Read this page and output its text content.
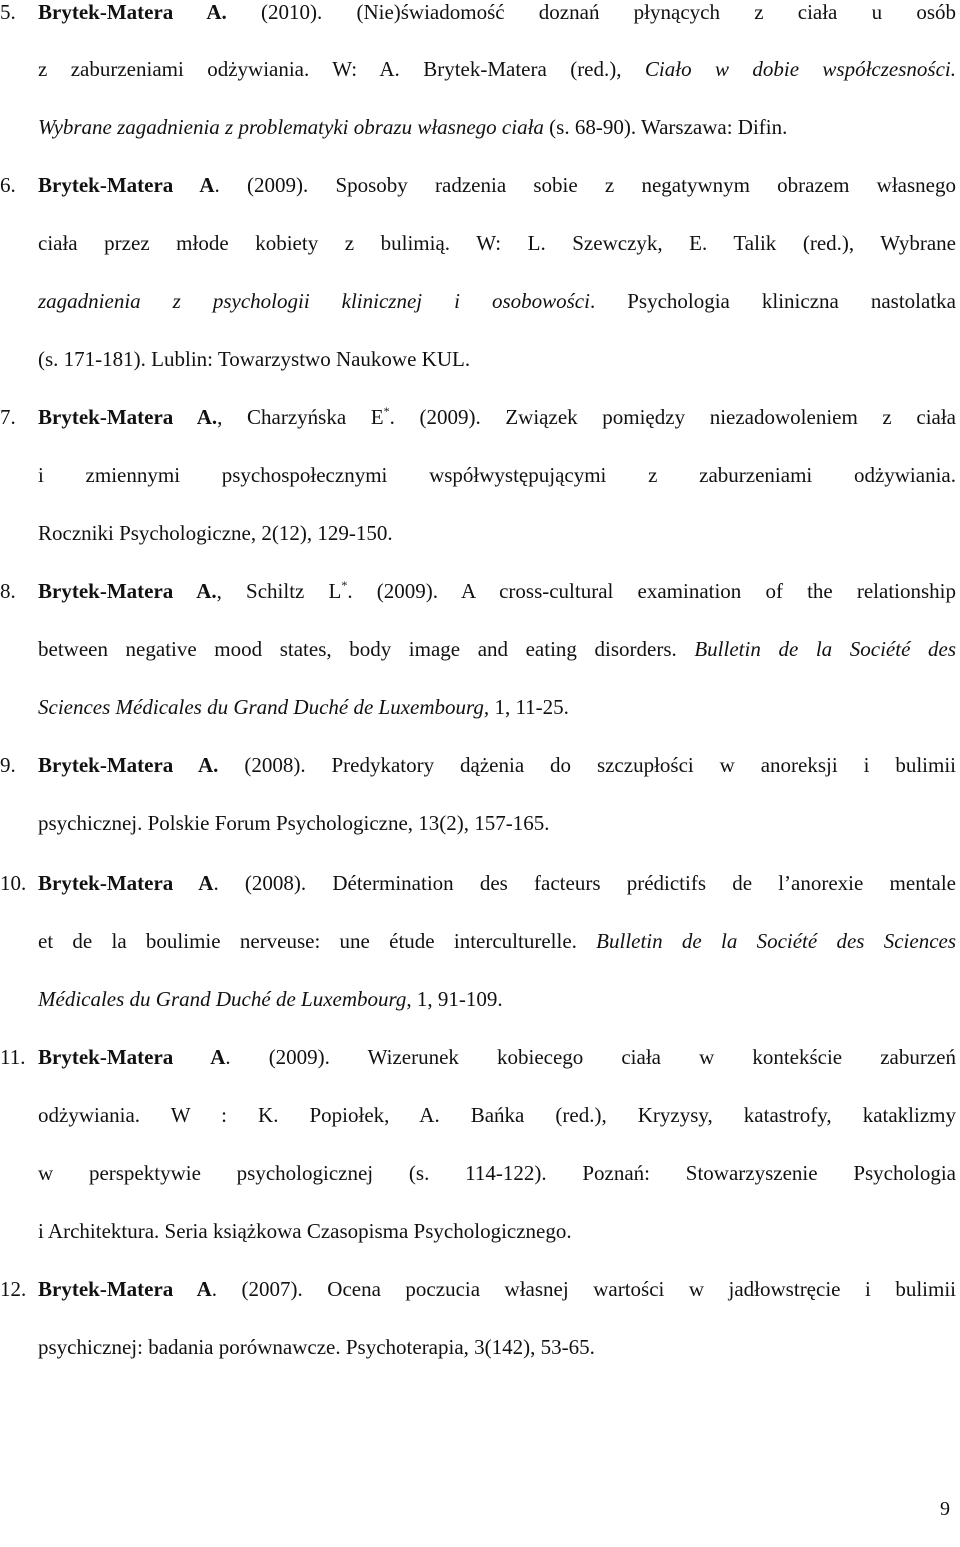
5. Brytek-Matera A. (2010). (Nie)świadomość doznań płynących z ciała u osób
z zaburzeniami odżywiania. W: A. Brytek-Matera (red.), Ciało w dobie współczesności.
Wybrane zagadnienia z problematyki obrazu własnego ciała (s. 68-90). Warszawa: Difin.
6. Brytek-Matera A. (2009). Sposoby radzenia sobie z negatywnym obrazem własnego
ciała przez młode kobiety z bulimią. W: L. Szewczyk, E. Talik (red.), Wybrane
zagadnienia z psychologii klinicznej i osobowości. Psychologia kliniczna nastolatka
(s. 171-181). Lublin: Towarzystwo Naukowe KUL.
7. Brytek-Matera A., Charzyńska E*. (2009). Związek pomiędzy niezadowoleniem z ciała
i zmiennymi psychospołecznymi współwystępującymi z zaburzeniami odżywiania.
Roczniki Psychologiczne, 2(12), 129-150.
8. Brytek-Matera A., Schiltz L*. (2009). A cross-cultural examination of the relationship
between negative mood states, body image and eating disorders. Bulletin de la Société des
Sciences Médicales du Grand Duché de Luxembourg, 1, 11-25.
9. Brytek-Matera A. (2008). Predykatory dążenia do szczupłości w anoreksji i bulimii
psychicznej. Polskie Forum Psychologiczne, 13(2), 157-165.
10. Brytek-Matera A. (2008). Détermination des facteurs prédictifs de l’anorexie mentale
et de la boulimie nerveuse: une étude interculturelle. Bulletin de la Société des Sciences
Médicales du Grand Duché de Luxembourg, 1, 91-109.
11. Brytek-Matera A. (2009). Wizerunek kobiecego ciała w kontekście zaburzeń
odżywiania. W : K. Popiołek, A. Bańka (red.), Kryzysy, katastrofy, kataklizmy
w perspektywie psychologicznej (s. 114-122). Poznań: Stowarzyszenie Psychologia
i Architektura. Seria książkowa Czasopisma Psychologicznego.
12. Brytek-Matera A. (2007). Ocena poczucia własnej wartości w jadłowstręcie i bulimii
psychicznej: badania porównawcze. Psychoterapia, 3(142), 53-65.
9
